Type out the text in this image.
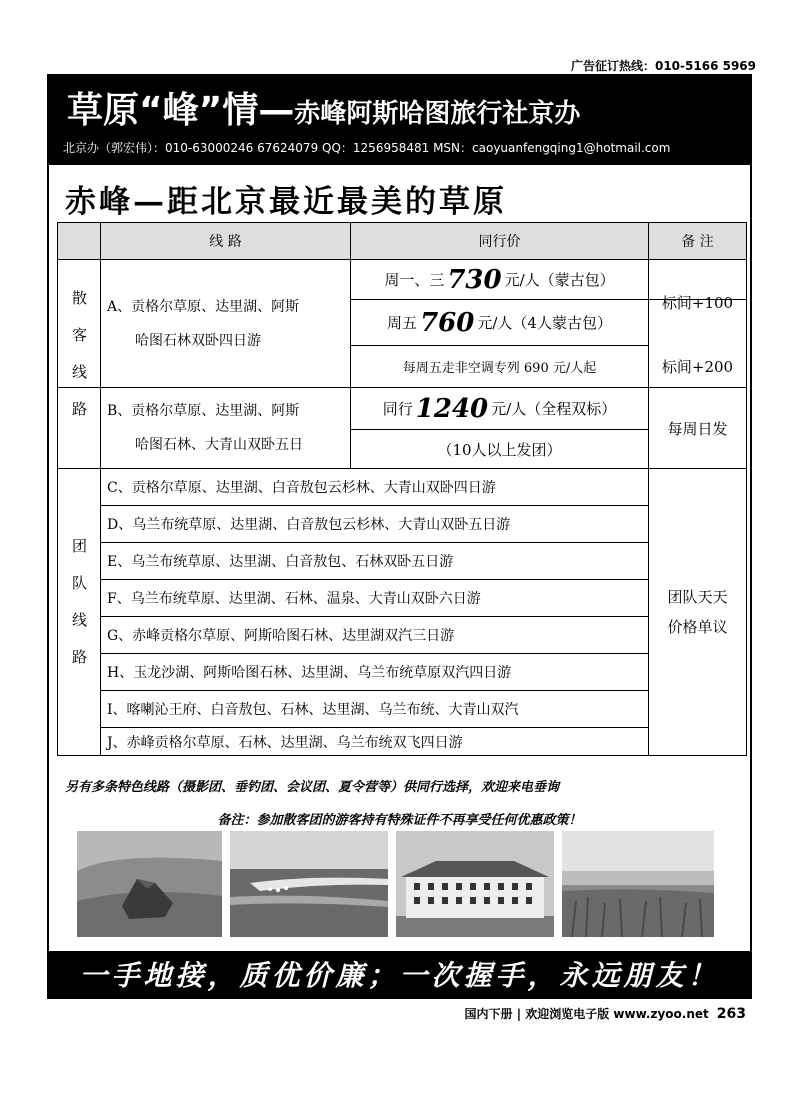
广告征订热线：010-5166 5969
草原“峰”情—赤峰阿斯哈图旅行社京办
北京办（郭宏伟）：010-63000246 67624079 QQ：1256958481 MSN：caoyuanfengqing1@hotmail.com
赤峰—距北京最近最美的草原
线 路	同行价	备 注
散客线路
团队线路
A、贡格尔草原、达里湖、阿斯
哈图石林双卧四日游
周一、三 730 元/人（蒙古包）
周五 760 元/人（4人蒙古包）
每周五走非空调专列 690 元/人起
标间+100
标间+200
B、贡格尔草原、达里湖、阿斯
哈图石林、大青山双卧五日
同行 1240 元/人（全程双标）
（10人以上发团）
每周日发
C、贡格尔草原、达里湖、白音敖包云杉林、大青山双卧四日游
D、乌兰布统草原、达里湖、白音敖包云杉林、大青山双卧五日游
E、乌兰布统草原、达里湖、白音敖包、石林双卧五日游
F、乌兰布统草原、达里湖、石林、温泉、大青山双卧六日游
G、赤峰贡格尔草原、阿斯哈图石林、达里湖双汽三日游
H、玉龙沙湖、阿斯哈图石林、达里湖、乌兰布统草原双汽四日游
I、喀喇沁王府、白音敖包、石林、达里湖、乌兰布统、大青山双汽
J、赤峰贡格尔草原、石林、达里湖、乌兰布统双飞四日游
团队天天
价格单议
另有多条特色线路（摄影团、垂钓团、会议团、夏令营等）供同行选择，欢迎来电垂询
备注：参加散客团的游客持有特殊证件不再享受任何优惠政策！
一手地接，质优价廉；一次握手，永远朋友！
国内下册 | 欢迎浏览电子版 www.zyoo.net 263
